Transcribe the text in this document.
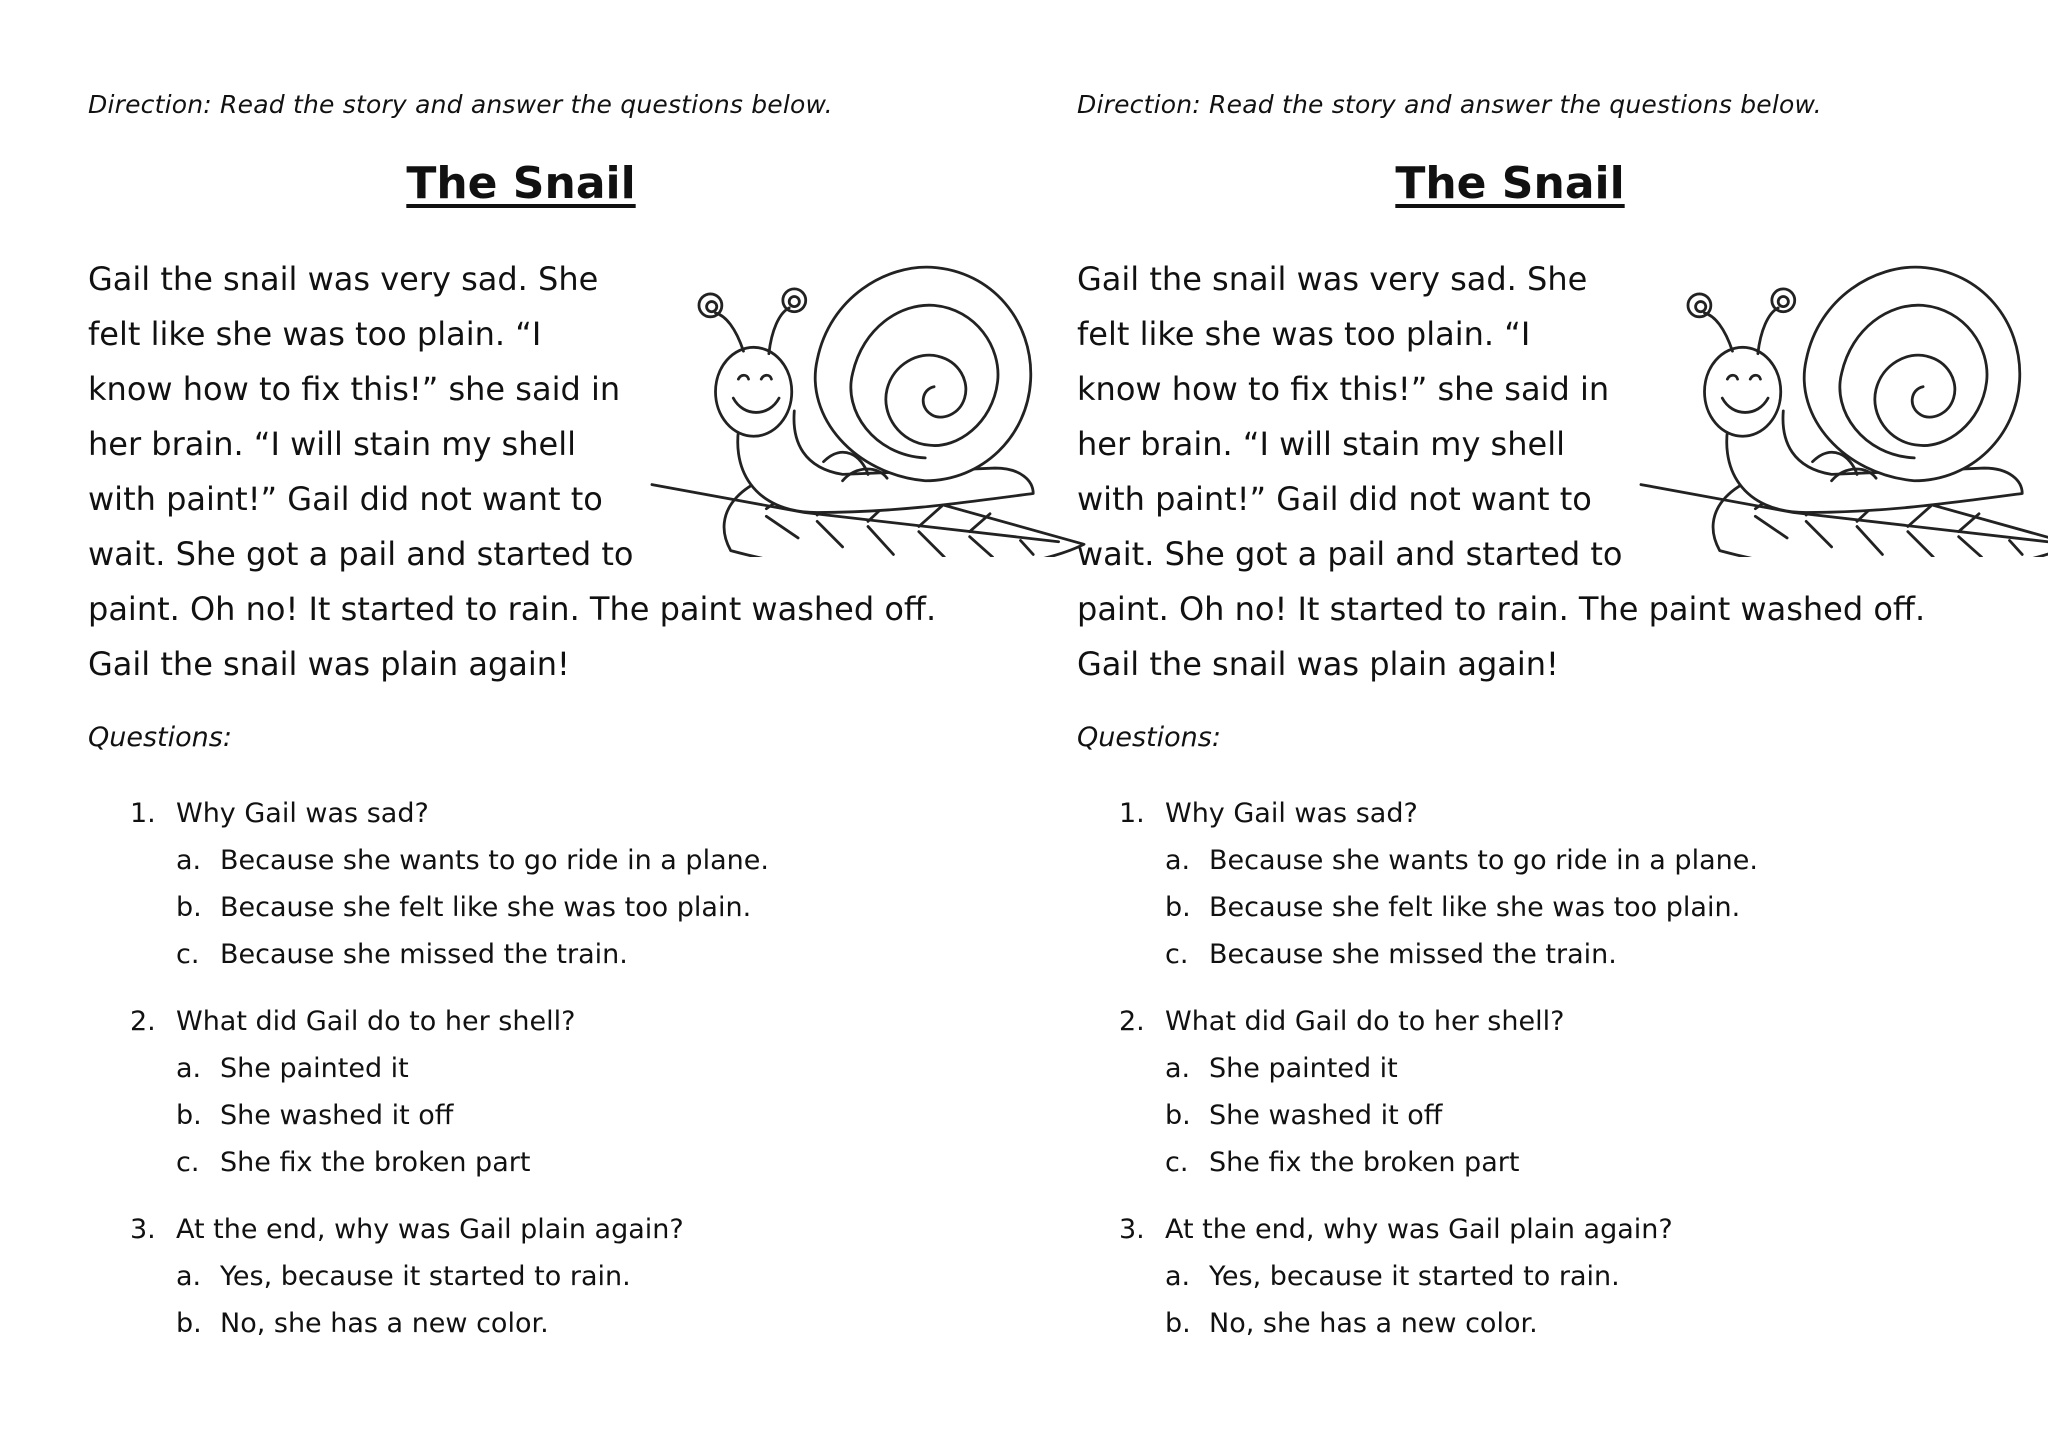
Direction: Read the story and answer the questions below.
The Snail
Gail the snail was very sad. She
felt like she was too plain. “I
know how to fix this!” she said in
her brain. “I will stain my shell
with paint!” Gail did not want to
wait. She got a pail and started to
paint. Oh no! It started to rain. The paint washed off.
Gail the snail was plain again!
Questions:
1. Why Gail was sad?
a. Because she wants to go ride in a plane.
b. Because she felt like she was too plain.
c. Because she missed the train.
2. What did Gail do to her shell?
a. She painted it
b. She washed it off
c. She fix the broken part
3. At the end, why was Gail plain again?
a. Yes, because it started to rain.
b. No, she has a new color.
Direction: Read the story and answer the questions below.
The Snail
Gail the snail was very sad. She
felt like she was too plain. “I
know how to fix this!” she said in
her brain. “I will stain my shell
with paint!” Gail did not want to
wait. She got a pail and started to
paint. Oh no! It started to rain. The paint washed off.
Gail the snail was plain again!
Questions:
1. Why Gail was sad?
a. Because she wants to go ride in a plane.
b. Because she felt like she was too plain.
c. Because she missed the train.
2. What did Gail do to her shell?
a. She painted it
b. She washed it off
c. She fix the broken part
3. At the end, why was Gail plain again?
a. Yes, because it started to rain.
b. No, she has a new color.
